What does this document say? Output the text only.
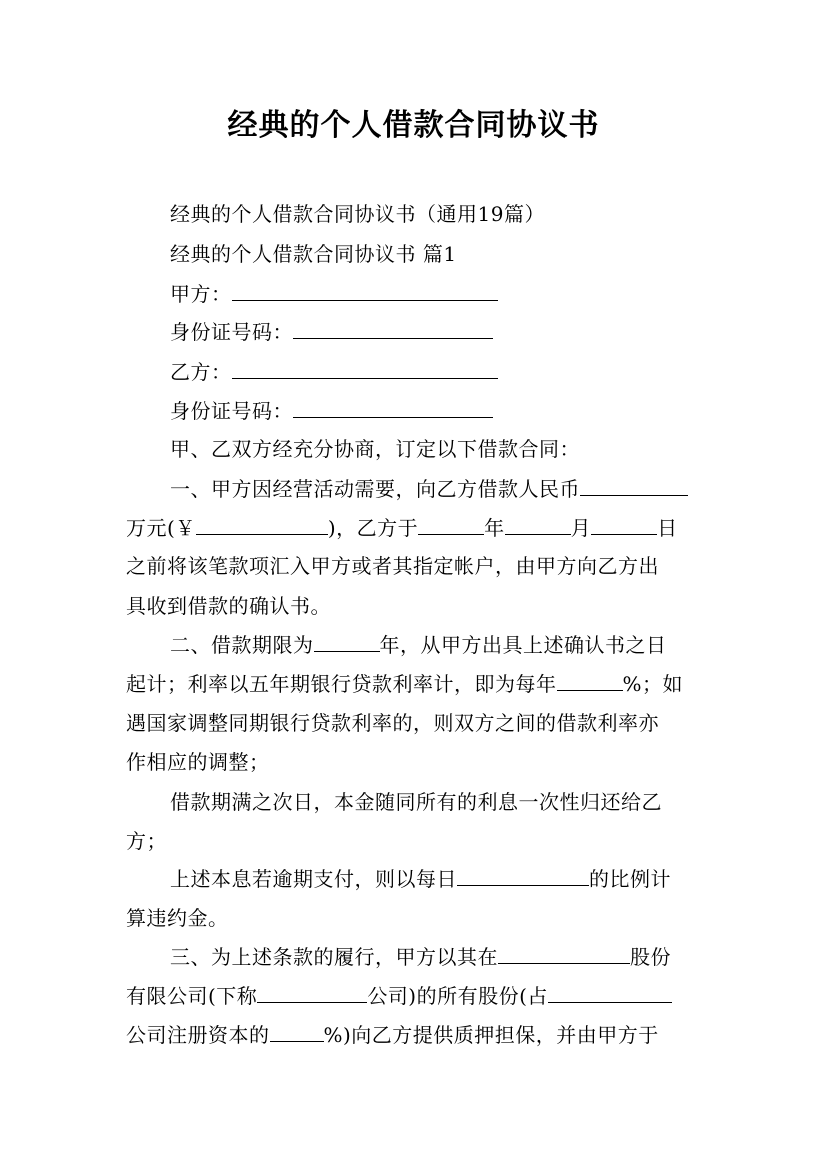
经典的个人借款合同协议书

经典的个人借款合同协议书（通用19篇）

经典的个人借款合同协议书 篇1

甲方：

身份证号码：

乙方：

身份证号码：

甲、乙双方经充分协商，订定以下借款合同：

一、甲方因经营活动需要，向乙方借款人民币

万元(￥	)，乙方于	年	月	日

之前将该笔款项汇入甲方或者其指定帐户，由甲方向乙方出

具收到借款的确认书。

二、借款期限为	年，从甲方出具上述确认书之日

起计；利率以五年期银行贷款利率计，即为每年	%；如

遇国家调整同期银行贷款利率的，则双方之间的借款利率亦

作相应的调整；

借款期满之次日，本金随同所有的利息一次性归还给乙

方；

上述本息若逾期支付，则以每日	的比例计

算违约金。

三、为上述条款的履行，甲方以其在	股份

有限公司(下称	公司)的所有股份(占

公司注册资本的	%)向乙方提供质押担保，并由甲方于
